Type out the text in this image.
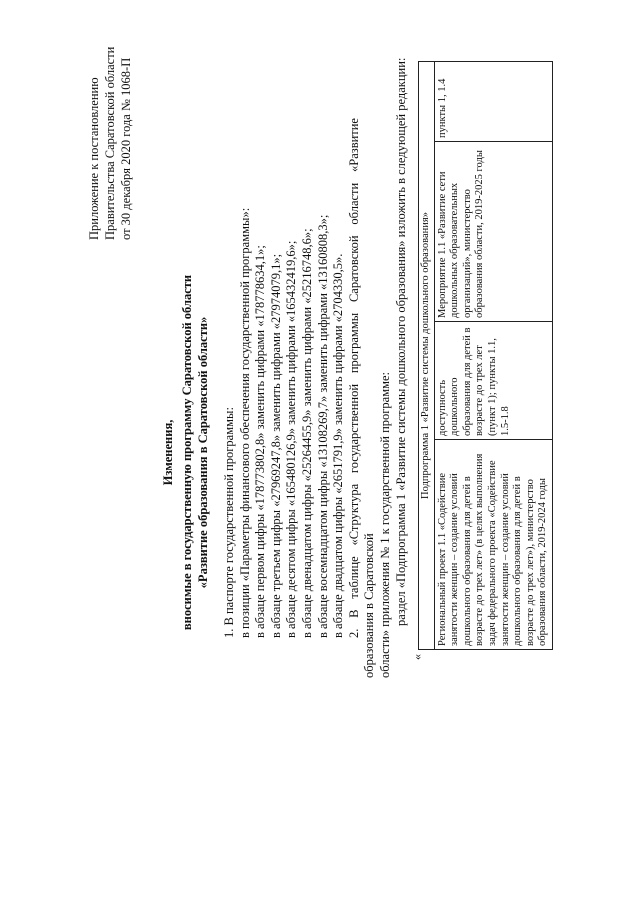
Приложение к постановлению Правительства Саратовской области от 30 декабря 2020 года № 1068-П
Изменения, вносимые в государственную программу Саратовской области «Развитие образования в Саратовской области» 1. В паспорте государственной программы: в позиции «Параметры финансового обеспечения государственной программы»: в абзаце первом цифры «178773802,8» заменить цифрами «178778634,1»; в абзаце третьем цифры «27969247,8» заменить цифрами «27974079,1»; в абзаце десятом цифры «165480126,9» заменить цифрами «165432419,6»; в абзаце двенадцатом цифры «25264455,9» заменить цифрами «25216748,6»; в абзаце восемнадцатом цифры «13108269,7» заменить цифрами «13160808,3»; в абзаце двадцатом цифры «2651791,9» заменить цифрами «2704330,5». 2. В таблице «Структура государственной программы Саратовской области «Развитие образования в Саратовской области» приложения № 1 к государственной программе: раздел «Подпрограмма 1 «Развитие системы дошкольного образования» изложить в следующей редакции:

«
Подпрограмма 1 «Развитие системы дошкольного образования»
Региональный проект 1.1 «Содействие занятости женщин – создание условий дошкольного образования для детей в возрасте до трех лет» (в целях выполнения задач федерального проекта «Содействие занятости женщин – создание условий дошкольного образования для детей в возрасте до трех лет»), министерство образования области, 2019-2024 годы	доступность дошкольного образования для детей в возрасте до трех лет (пункт 1); пункты 1.1, 1.5-1.8	Мероприятие 1.1 «Развитие сети дошкольных образовательных организаций», министерство образования области, 2019-2025 годы	пункты 1, 1.4
